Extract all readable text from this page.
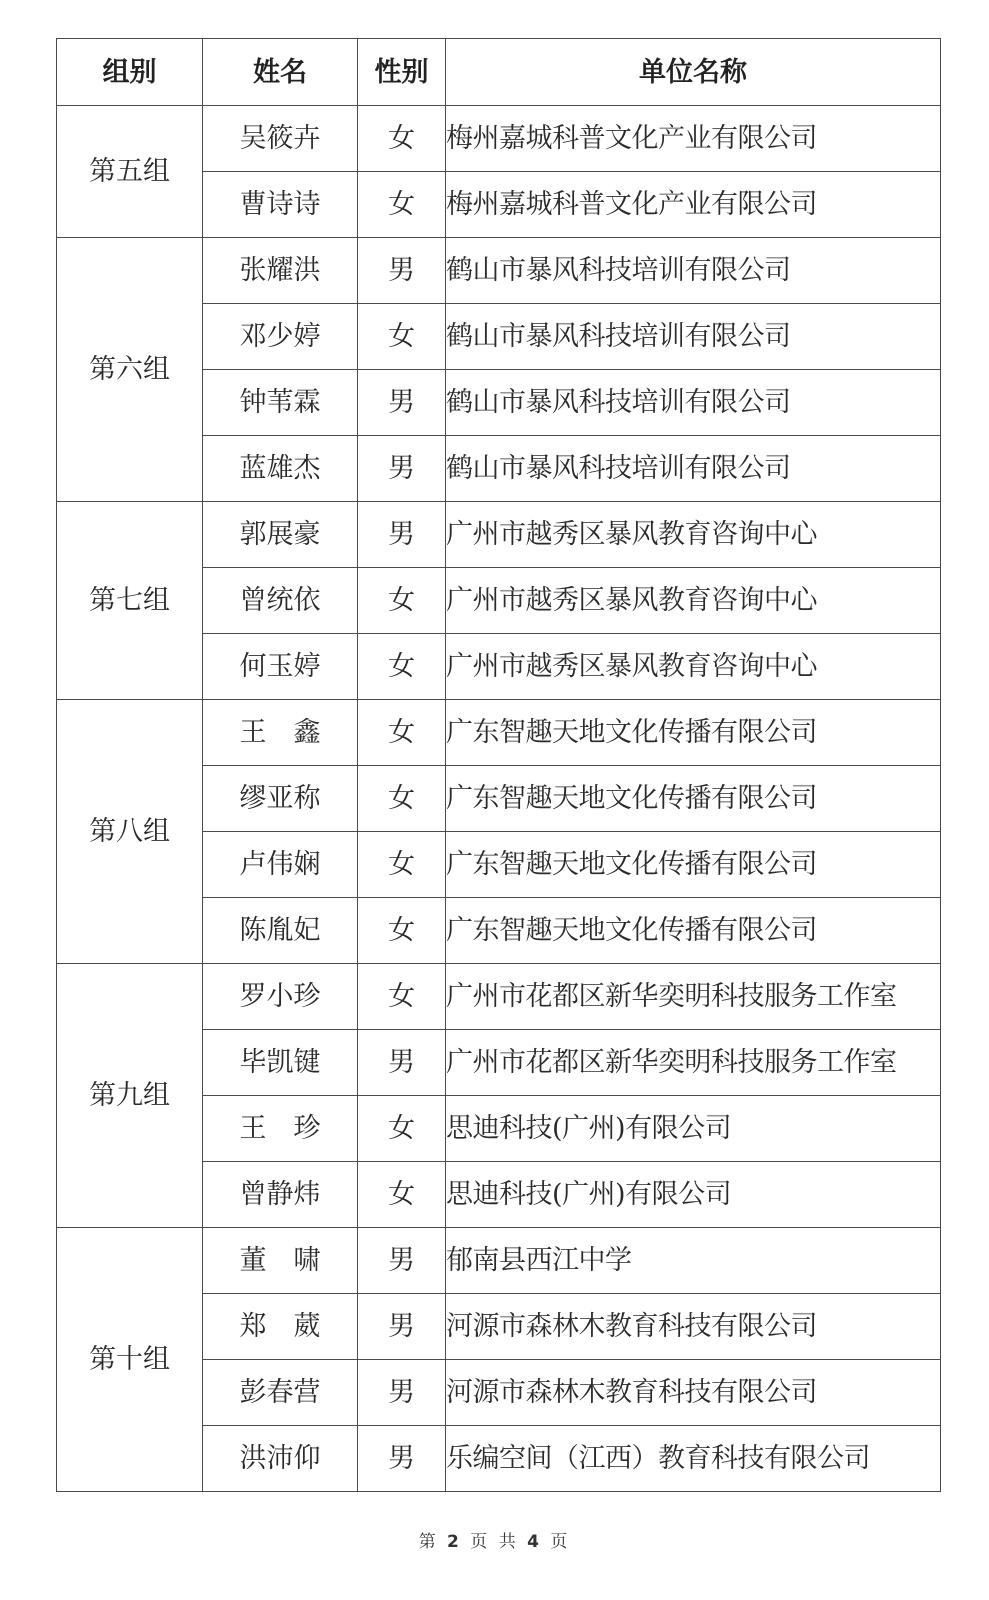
组别	姓名	性别	单位名称
第五组	吴筱卉	女	梅州嘉城科普文化产业有限公司
	曹诗诗	女	梅州嘉城科普文化产业有限公司
第六组	张耀洪	男	鹤山市暴风科技培训有限公司
	邓少婷	女	鹤山市暴风科技培训有限公司
	钟苇霖	男	鹤山市暴风科技培训有限公司
	蓝雄杰	男	鹤山市暴风科技培训有限公司
第七组	郭展豪	男	广州市越秀区暴风教育咨询中心
	曾统依	女	广州市越秀区暴风教育咨询中心
	何玉婷	女	广州市越秀区暴风教育咨询中心
第八组	王　鑫	女	广东智趣天地文化传播有限公司
	缪亚称	女	广东智趣天地文化传播有限公司
	卢伟娴	女	广东智趣天地文化传播有限公司
	陈胤妃	女	广东智趣天地文化传播有限公司
第九组	罗小珍	女	广州市花都区新华奕明科技服务工作室
	毕凯键	男	广州市花都区新华奕明科技服务工作室
	王　珍	女	思迪科技(广州)有限公司
	曾静炜	女	思迪科技(广州)有限公司
第十组	董　啸	男	郁南县西江中学
	郑　葳	男	河源市森林木教育科技有限公司
	彭春营	男	河源市森林木教育科技有限公司
	洪沛仰	男	乐编空间（江西）教育科技有限公司
第 2 页 共 4 页
